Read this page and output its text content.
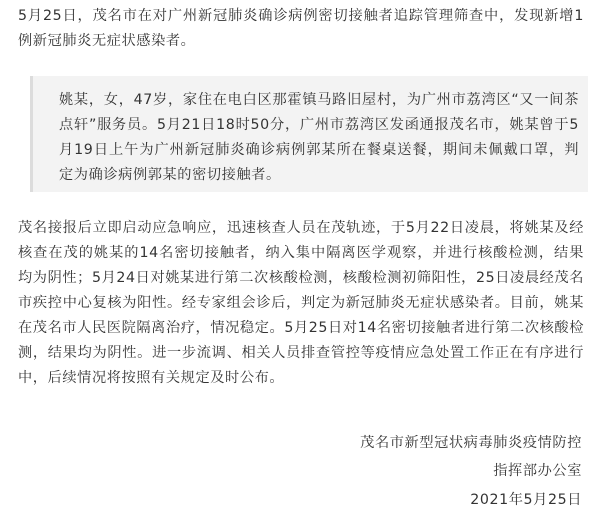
5月25日，茂名市在对广州新冠肺炎确诊病例密切接触者追踪管理筛查中，发现新增1例新冠肺炎无症状感染者。
姚某，女，47岁，家住在电白区那霍镇马路旧屋村，为广州市荔湾区“又一间茶点轩”服务员。5月21日18时50分，广州市荔湾区发函通报茂名市，姚某曾于5月19日上午为广州新冠肺炎确诊病例郭某所在餐桌送餐，期间未佩戴口罩，判定为确诊病例郭某的密切接触者。
茂名接报后立即启动应急响应，迅速核查人员在茂轨迹，于5月22日凌晨，将姚某及经核查在茂的姚某的14名密切接触者，纳入集中隔离医学观察，并进行核酸检测，结果均为阴性；5月24日对姚某进行第二次核酸检测，核酸检测初筛阳性，25日凌晨经茂名市疾控中心复核为阳性。经专家组会诊后，判定为新冠肺炎无症状感染者。目前，姚某在茂名市人民医院隔离治疗，情况稳定。5月25日对14名密切接触者进行第二次核酸检测，结果均为阴性。进一步流调、相关人员排查管控等疫情应急处置工作正在有序进行中，后续情况将按照有关规定及时公布。
茂名市新型冠状病毒肺炎疫情防控
指挥部办公室
2021年5月25日
